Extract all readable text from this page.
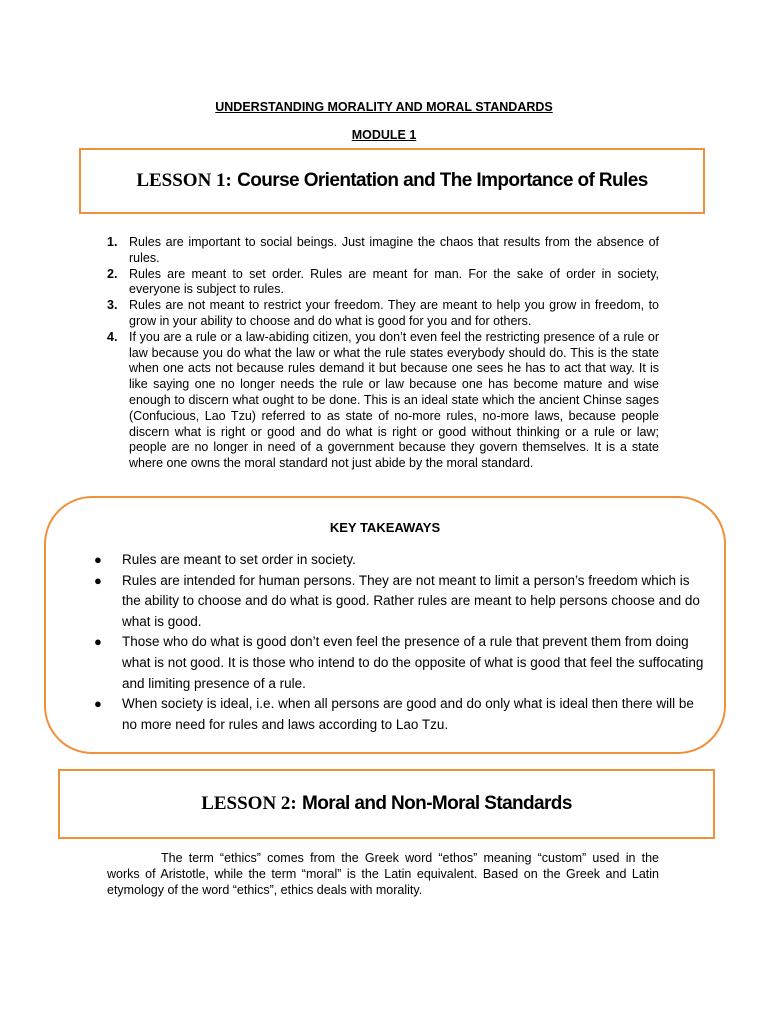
UNDERSTANDING MORALITY AND MORAL STANDARDS
MODULE 1
LESSON 1: Course Orientation and The Importance of Rules
1. Rules are important to social beings. Just imagine the chaos that results from the absence of rules.
2. Rules are meant to set order. Rules are meant for man. For the sake of order in society, everyone is subject to rules.
3. Rules are not meant to restrict your freedom. They are meant to help you grow in freedom, to grow in your ability to choose and do what is good for you and for others.
4. If you are a rule or a law-abiding citizen, you don’t even feel the restricting presence of a rule or law because you do what the law or what the rule states everybody should do. This is the state when one acts not because rules demand it but because one sees he has to act that way. It is like saying one no longer needs the rule or law because one has become mature and wise enough to discern what ought to be done. This is an ideal state which the ancient Chinse sages (Confucious, Lao Tzu) referred to as state of no-more rules, no-more laws, because people discern what is right or good and do what is right or good without thinking or a rule or law; people are no longer in need of a government because they govern themselves. It is a state where one owns the moral standard not just abide by the moral standard.
KEY TAKEAWAYS
● Rules are meant to set order in society.
● Rules are intended for human persons. They are not meant to limit a person’s freedom which is the ability to choose and do what is good. Rather rules are meant to help persons choose and do what is good.
● Those who do what is good don’t even feel the presence of a rule that prevent them from doing what is not good. It is those who intend to do the opposite of what is good that feel the suffocating and limiting presence of a rule.
● When society is ideal, i.e. when all persons are good and do only what is ideal then there will be no more need for rules and laws according to Lao Tzu.
LESSON 2: Moral and Non-Moral Standards

The term “ethics” comes from the Greek word “ethos” meaning “custom” used in the works of Aristotle, while the term “moral” is the Latin equivalent. Based on the Greek and Latin etymology of the word “ethics”, ethics deals with morality.
